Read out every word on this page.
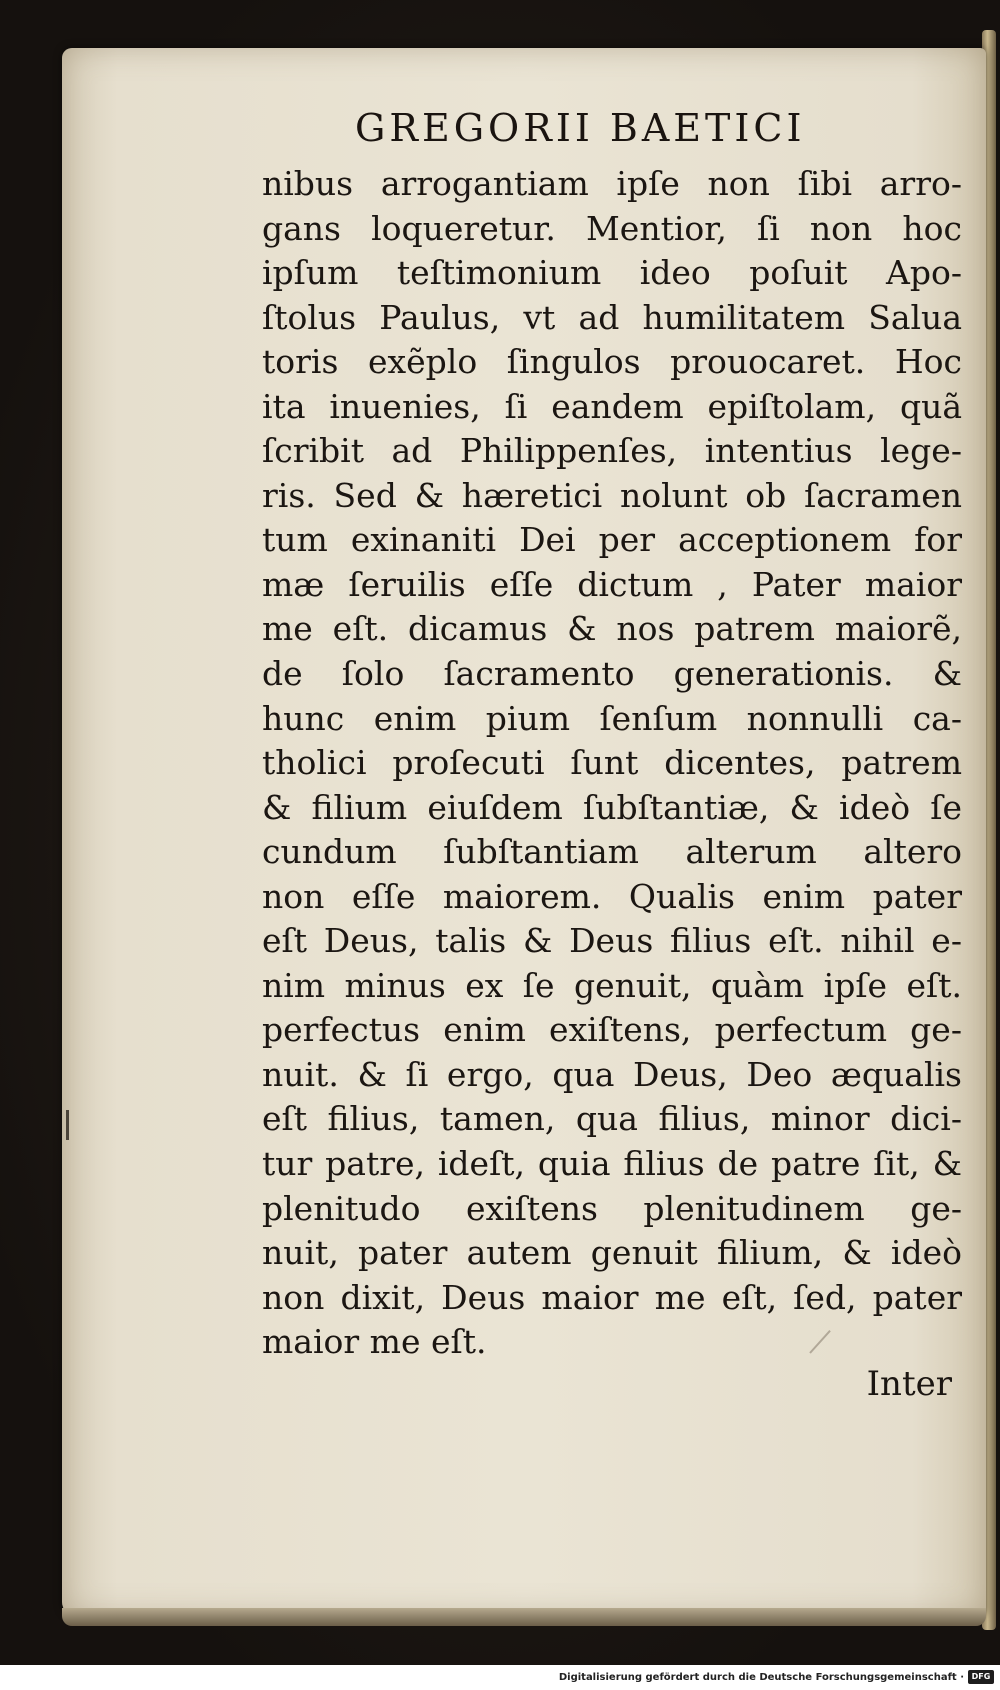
GREGORII BAETICI
nibus arrogantiam ipſe non ſibi arro-
gans loqueretur. Mentior, ſi non hoc
ipſum teſtimonium ideo poſuit Apo-
ſtolus Paulus, vt ad humilitatem Salua
toris exẽplo ſingulos prouocaret. Hoc
ita inuenies, ſi eandem epiſtolam, quã
ſcribit ad Philippenſes, intentius lege-
ris. Sed & hæretici nolunt ob ſacramen
tum exinaniti Dei per acceptionem for
mæ ſeruilis eſſe dictum , Pater maior
me eſt. dicamus & nos patrem maiorẽ,
de ſolo ſacramento generationis. &
hunc enim pium ſenſum nonnulli ca-
tholici proſecuti ſunt dicentes, patrem
& filium eiuſdem ſubſtantiæ, & ideò ſe
cundum ſubſtantiam alterum altero
non eſſe maiorem. Qualis enim pater
eſt Deus, talis & Deus filius eſt. nihil e-
nim minus ex ſe genuit, quàm ipſe eſt.
perfectus enim exiſtens, perfectum ge-
nuit. & ſi ergo, qua Deus, Deo æqualis
eſt filius, tamen, qua filius, minor dici-
tur patre, ideſt, quia filius de patre ſit, &
plenitudo exiſtens plenitudinem ge-
nuit, pater autem genuit filium, & ideò
non dixit, Deus maior me eſt, ſed, pater
maior me eſt.
Inter
Digitalisierung gefördert durch die Deutsche Forschungsgemeinschaft · DFG
